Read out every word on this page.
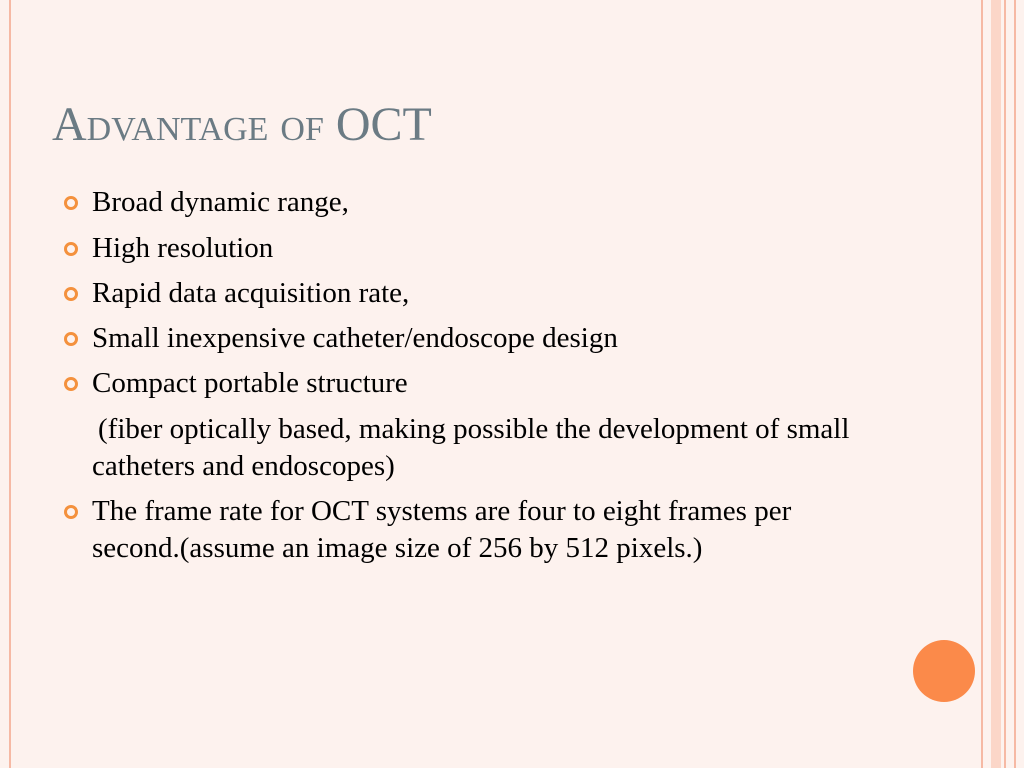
Advantage of OCT
Broad dynamic range,
High resolution
Rapid data acquisition rate,
Small inexpensive catheter/endoscope design
Compact portable structure
(fiber optically based, making possible the development of small catheters and endoscopes)
The frame rate for OCT systems are four to eight frames per second.(assume an image size of 256 by 512 pixels.)
